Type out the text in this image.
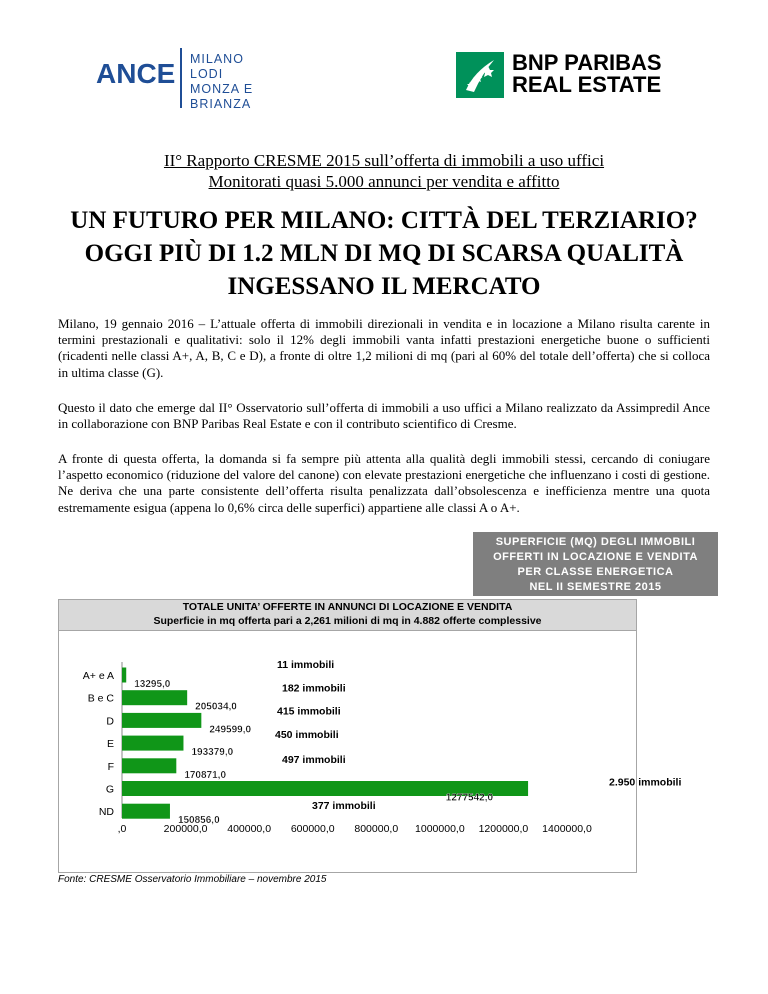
ANCE MILANO
LODI
MONZA E BRIANZA
BNP PARIBAS
REAL ESTATE
II° Rapporto CRESME 2015 sull’offerta di immobili a uso uffici
Monitorati quasi 5.000 annunci per vendita e affitto
UN FUTURO PER MILANO: CITTÀ DEL TERZIARIO?
OGGI PIÙ DI 1.2 MLN DI MQ DI SCARSA QUALITÀ
INGESSANO IL MERCATO
Milano, 19 gennaio 2016 – L’attuale offerta di immobili direzionali in vendita e in locazione a Milano risulta carente in termini prestazionali e qualitativi: solo il 12% degli immobili vanta infatti prestazioni energetiche buone o sufficienti (ricadenti nelle classi A+, A, B, C e D), a fronte di oltre 1,2 milioni di mq (pari al 60% del totale dell’offerta) che si colloca in ultima classe (G).
Questo il dato che emerge dal II° Osservatorio sull’offerta di immobili a uso uffici a Milano realizzato da Assimpredil Ance in collaborazione con BNP Paribas Real Estate e con il contributo scientifico di Cresme.
A fronte di questa offerta, la domanda si fa sempre più attenta alla qualità degli immobili stessi, cercando di coniugare l’aspetto economico (riduzione del valore del canone) con elevate prestazioni energetiche che influenzano i costi di gestione. Ne deriva che una parte consistente dell’offerta risulta penalizzata dall’obsolescenza e inefficienza mentre una quota estremamente esigua (appena lo 0,6% circa delle superfici) appartiene alle classi A o A+.
SUPERFICIE (MQ) DEGLI IMMOBILI
OFFERTI IN LOCAZIONE E VENDITA
PER CLASSE ENERGETICA
NEL II SEMESTRE 2015
TOTALE UNITA’ OFFERTE IN ANNUNCI DI LOCAZIONE E VENDITA
Superficie in mq offerta pari a 2,261 milioni di mq in 4.882 offerte complessive
A+ e A
13295,0
11 immobili
B e C
205034,0
182 immobili
D
249599,0
415 immobili
E
193379,0
450 immobili
F
170871,0
497 immobili
G
1277542,0
2.950 immobili
ND
150856,0
377 immobili
,0	200000,0 400000,0 600000,0 800000,0 1000000,0 1200000,0 1400000,0
Fonte: CRESME Osservatorio Immobiliare – novembre 2015
